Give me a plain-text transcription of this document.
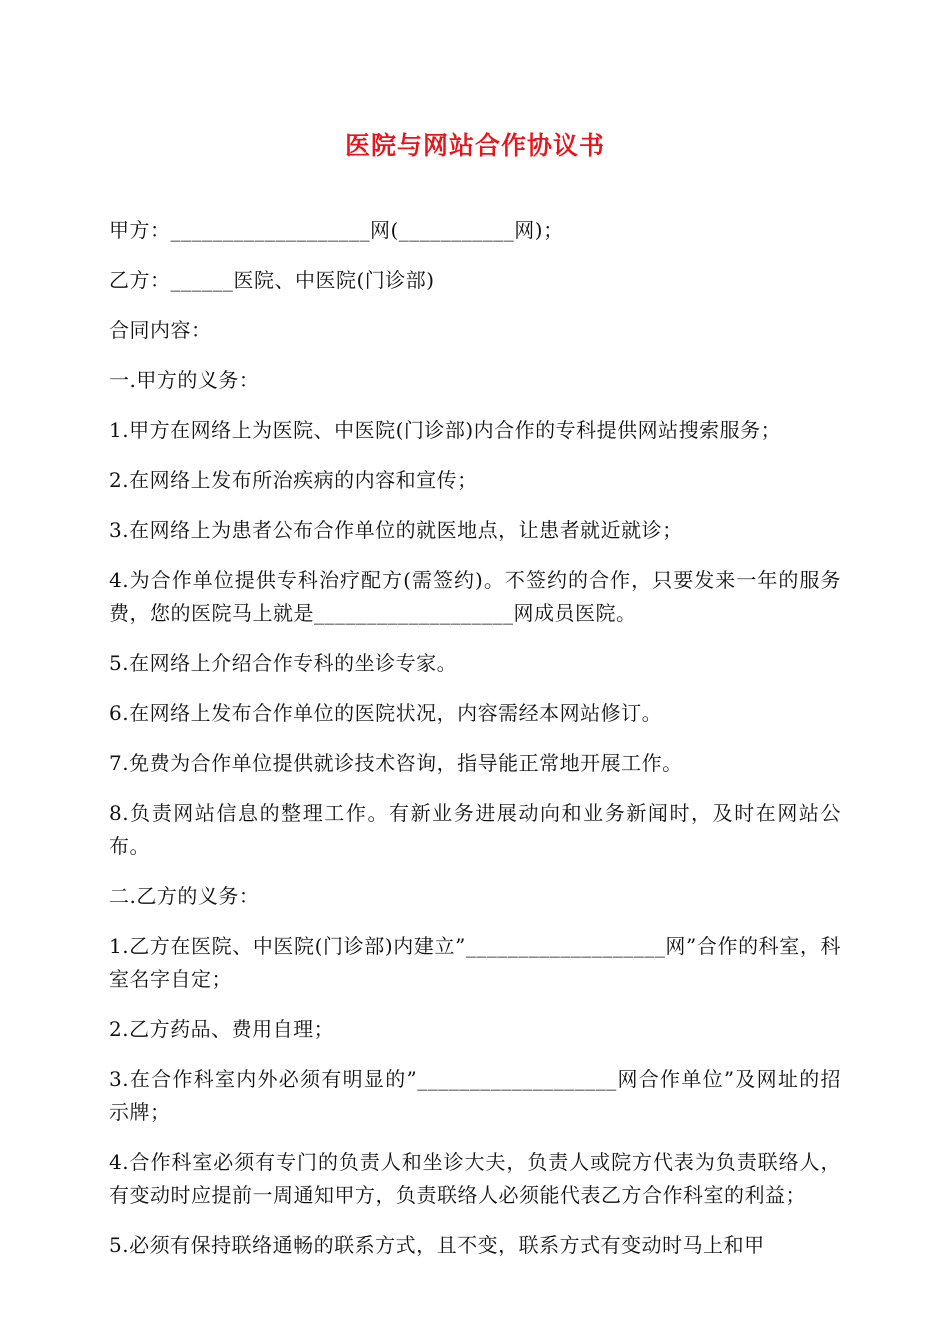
医院与网站合作协议书

甲方：___________________网(___________网)；

乙方：______医院、中医院(门诊部)

合同内容：

一.甲方的义务：

1.甲方在网络上为医院、中医院(门诊部)内合作的专科提供网站搜索服务；

2.在网络上发布所治疾病的内容和宣传；

3.在网络上为患者公布合作单位的就医地点，让患者就近就诊；

4.为合作单位提供专科治疗配方(需签约)。不签约的合作，只要发来一年的服务费，您的医院马上就是___________________网成员医院。

5.在网络上介绍合作专科的坐诊专家。

6.在网络上发布合作单位的医院状况，内容需经本网站修订。

7.免费为合作单位提供就诊技术咨询，指导能正常地开展工作。

8.负责网站信息的整理工作。有新业务进展动向和业务新闻时，及时在网站公布。

二.乙方的义务：

1.乙方在医院、中医院(门诊部)内建立”___________________网”合作的科室，科室名字自定；

2.乙方药品、费用自理；

3.在合作科室内外必须有明显的”___________________网合作单位”及网址的招示牌；

4.合作科室必须有专门的负责人和坐诊大夫，负责人或院方代表为负责联络人，有变动时应提前一周通知甲方，负责联络人必须能代表乙方合作科室的利益；

5.必须有保持联络通畅的联系方式，且不变，联系方式有变动时马上和甲
